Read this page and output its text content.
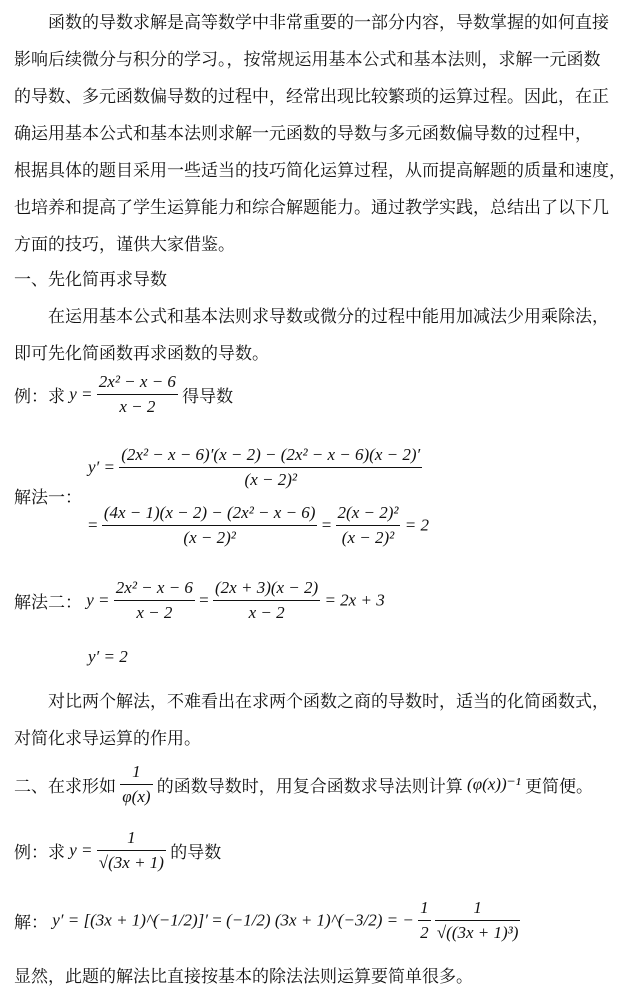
函数的导数求解是高等数学中非常重要的一部分内容，导数掌握的如何直接
影响后续微分与积分的学习。，按常规运用基本公式和基本法则，求解一元函数
的导数、多元函数偏导数的过程中，经常出现比较繁琐的运算过程。因此，在正
确运用基本公式和基本法则求解一元函数的导数与多元函数偏导数的过程中，
根据具体的题目采用一些适当的技巧简化运算过程，从而提高解题的质量和速度，
也培养和提高了学生运算能力和综合解题能力。通过教学实践，总结出了以下几
方面的技巧，谨供大家借鉴。
一、先化简再求导数
在运用基本公式和基本法则求导数或微分的过程中能用加减法少用乘除法，
即可先化简函数再求函数的导数。
例：求 $y = \frac{\text{2x² − x − 6}}{x - 2}$ 得导数
解法一：
$y' = \frac{\text{(2x² − x − 6)′(x − 2) − (2x² − x − 6)(x − 2)′}}{\text{(x − 2)²}}$
= $\frac{\text{(4x − 1)(x − 2) − (2x² − x − 6)}}{\text{(x − 2)²}} = \frac{\text{2(x − 2)²}}{\text{(x − 2)²}} = 2$
解法二： $y = \frac{\text{2x² − x − 6}}{x - 2} = \frac{(2x + 3)(x - 2)}{x - 2} = 2x + 3$
y′ = 2
对比两个解法，不难看出在求两个函数之商的导数时，适当的化简函数式，
对简化求导运算的作用。
二、在求形如 $\frac{1}{\varphi(x)}$ 的函数导数时，用复合函数求导法则计算 (φ(x))⁻¹ 更简便。
例：求 $y = \frac{1}{√(3x + 1)}$ 的导数
解： y′ = [(3x + 1)^(−1/2)]′ = (−1/2) (3x + 1)^(−3/2) = − $\frac{1}{2}$
$\frac{1}{\text{√((3x + 1)³)}}$
显然，此题的解法比直接按基本的除法法则运算要简单很多。
